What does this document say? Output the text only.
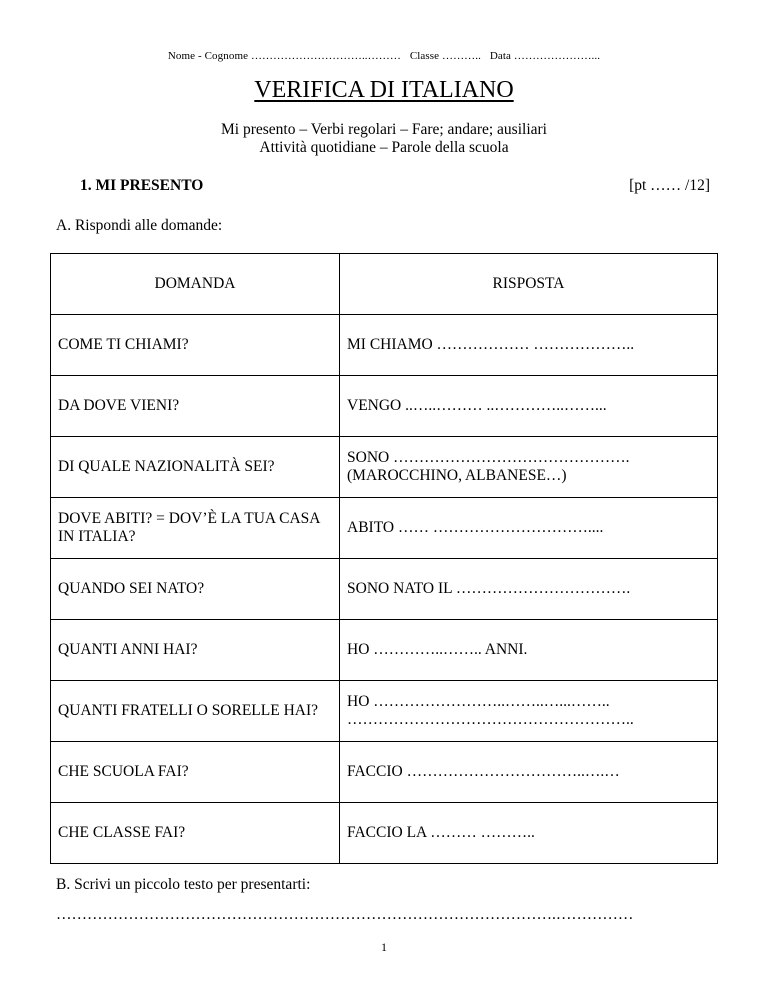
Nome - Cognome …………………………..……… Classe ……….. Data …………………...
VERIFICA DI ITALIANO
Mi presento – Verbi regolari – Fare; andare; ausiliari
Attività quotidiane – Parole della scuola
1. MI PRESENTO	[pt …… /12]
A. Rispondi alle domande:
DOMANDA	RISPOSTA
COME TI CHIAMI?	MI CHIAMO ……………… ………………..

DA DOVE VIENI?	VENGO ..…..……… ..…………..……...

DI QUALE NAZIONALITÀ SEI?	SONO ……………………………………….
(MAROCCHINO, ALBANESE…)

DOVE ABITI? = DOV’È LA TUA CASA IN ITALIA?	ABITO …… …………………………....

QUANDO SEI NATO?	SONO NATO IL …………………………….

QUANTI ANNI HAI?	HO …………..…….. ANNI.

QUANTI FRATELLI O SORELLE HAI?	HO ……………………..……..…...……..
………………………………………………..

CHE SCUOLA FAI?	FACCIO ……………………………..….…

CHE CLASSE FAI?	FACCIO LA ……… ………..
B. Scrivi un piccolo testo per presentarti:
…………………………………………………………………………………….……………
1
